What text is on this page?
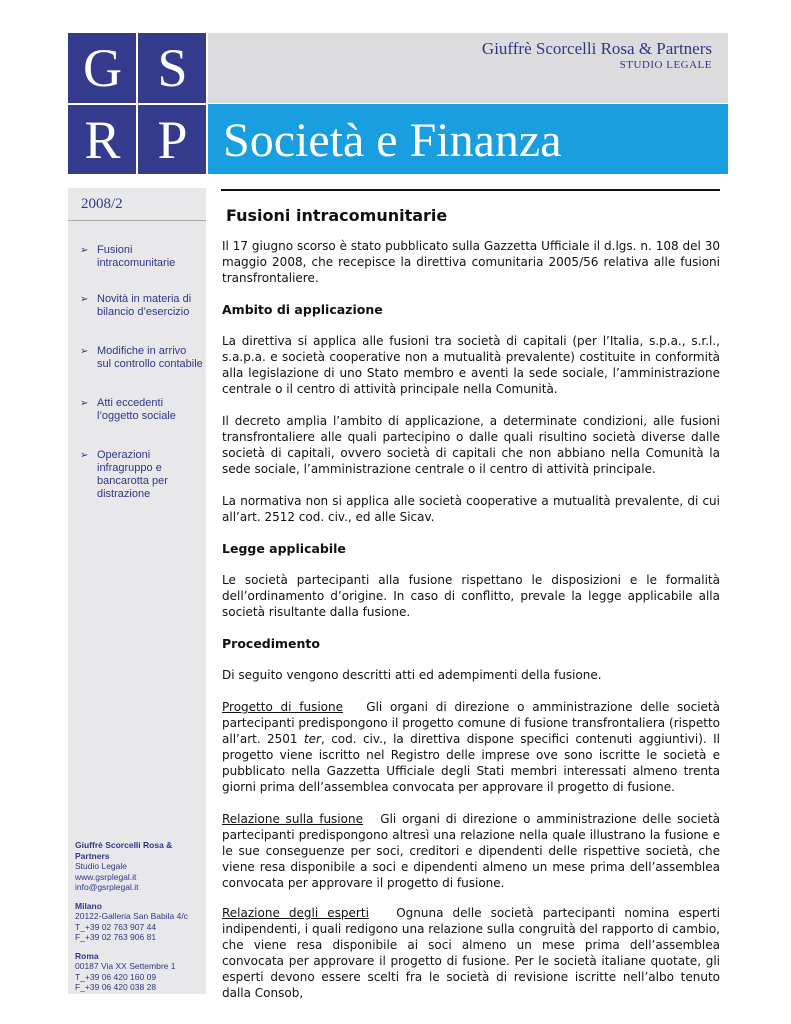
G S
R P
Giuffrè Scorcelli Rosa & Partners
STUDIO LEGALE
Società e Finanza
2008/2
➢ Fusioni intracomunitarie
➢ Novità in materia di bilancio d’esercizio
➢ Modifiche in arrivo sul controllo contabile
➢ Atti eccedenti l’oggetto sociale
➢ Operazioni infragruppo e bancarotta per distrazione
Giuffrè Scorcelli Rosa & Partners
Studio Legale
www.gsrplegal.it
info@gsrplegal.it
Milano
20122-Galleria San Babila 4/c
T_+39 02 763 907 44
F_+39 02 763 906 81
Roma
00187 Via XX Settembre 1
T_+39 06 420 160 09
F_+39 06 420 038 28
Fusioni intracomunitarie

Il 17 giugno scorso è stato pubblicato sulla Gazzetta Ufficiale il d.lgs. n. 108 del 30 maggio 2008, che recepisce la direttiva comunitaria 2005/56 relativa alle fusioni transfrontaliere.

Ambito di applicazione

La direttiva si applica alle fusioni tra società di capitali (per l’Italia, s.p.a., s.r.l., s.a.p.a. e società cooperative non a mutualità prevalente) costituite in conformità alla legislazione di uno Stato membro e aventi la sede sociale, l’amministrazione centrale o il centro di attività principale nella Comunità.

Il decreto amplia l’ambito di applicazione, a determinate condizioni, alle fusioni transfrontaliere alle quali partecipino o dalle quali risultino società diverse dalle società di capitali, ovvero società di capitali che non abbiano nella Comunità la sede sociale, l’amministrazione centrale o il centro di attività principale.

La normativa non si applica alle società cooperative a mutualità prevalente, di cui all’art. 2512 cod. civ., ed alle Sicav.

Legge applicabile

Le società partecipanti alla fusione rispettano le disposizioni e le formalità dell’ordinamento d’origine. In caso di conflitto, prevale la legge applicabile alla società risultante dalla fusione.

Procedimento

Di seguito vengono descritti atti ed adempimenti della fusione.

Progetto di fusione Gli organi di direzione o amministrazione delle società partecipanti predispongono il progetto comune di fusione transfrontaliera (rispetto all’art. 2501 ter, cod. civ., la direttiva dispone specifici contenuti aggiuntivi). Il progetto viene iscritto nel Registro delle imprese ove sono iscritte le società e pubblicato nella Gazzetta Ufficiale degli Stati membri interessati almeno trenta giorni prima dell’assemblea convocata per approvare il progetto di fusione.

Relazione sulla fusione Gli organi di direzione o amministrazione delle società partecipanti predispongono altresì una relazione nella quale illustrano la fusione e le sue conseguenze per soci, creditori e dipendenti delle rispettive società, che viene resa disponibile a soci e dipendenti almeno un mese prima dell’assemblea convocata per approvare il progetto di fusione.

Relazione degli esperti Ognuna delle società partecipanti nomina esperti indipendenti, i quali redigono una relazione sulla congruità del rapporto di cambio, che viene resa disponibile ai soci almeno un mese prima dell’assemblea convocata per approvare il progetto di fusione. Per le società italiane quotate, gli esperti devono essere scelti fra le società di revisione iscritte nell’albo tenuto dalla Consob,
